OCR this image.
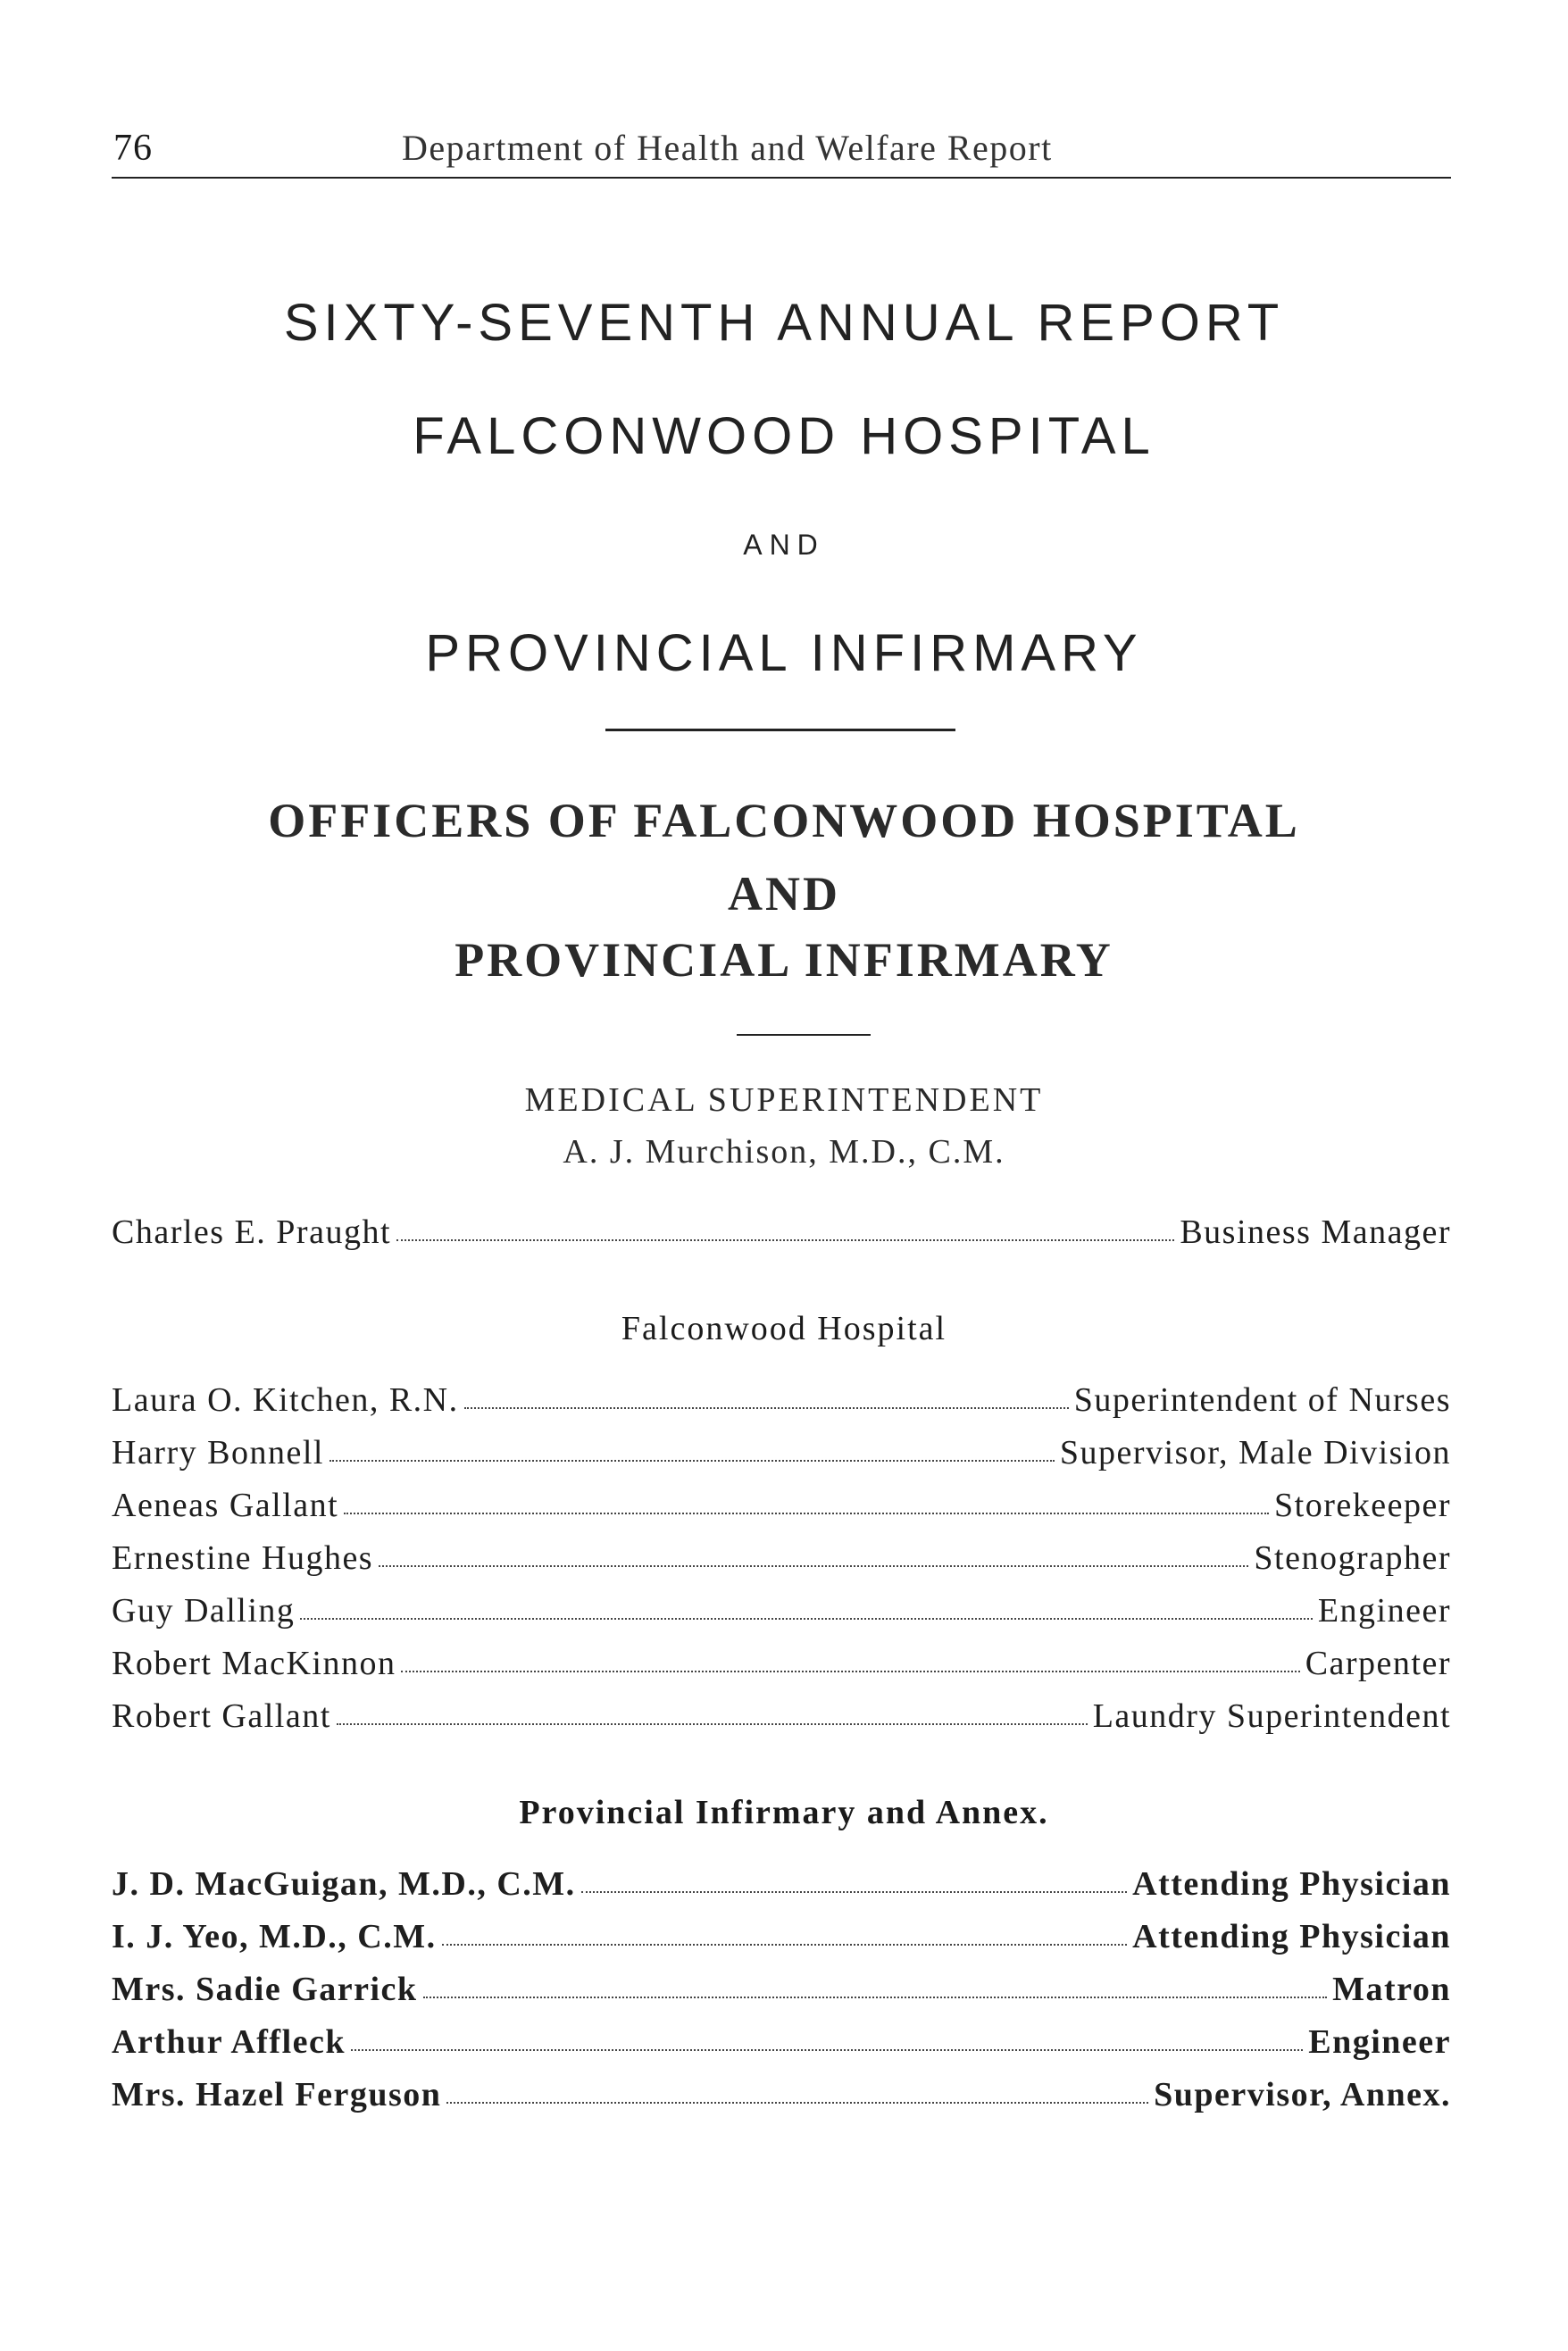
76	Department of Health and Welfare Report
SIXTY-SEVENTH ANNUAL REPORT
FALCONWOOD HOSPITAL
AND
PROVINCIAL INFIRMARY
OFFICERS OF FALCONWOOD HOSPITAL
AND
PROVINCIAL INFIRMARY
MEDICAL SUPERINTENDENT
A. J. Murchison, M.D., C.M.
Charles E. Praught	Business Manager
Falconwood Hospital
Laura O. Kitchen, R.N.	Superintendent of Nurses
Harry Bonnell	Supervisor, Male Division
Aeneas Gallant	Storekeeper
Ernestine Hughes	Stenographer
Guy Dalling	Engineer
Robert MacKinnon	Carpenter
Robert Gallant	Laundry Superintendent
Provincial Infirmary and Annex.
J. D. MacGuigan, M.D., C.M.	Attending Physician
I. J. Yeo, M.D., C.M.	Attending Physician
Mrs. Sadie Garrick	Matron
Arthur Affleck	Engineer
Mrs. Hazel Ferguson	Supervisor, Annex.
